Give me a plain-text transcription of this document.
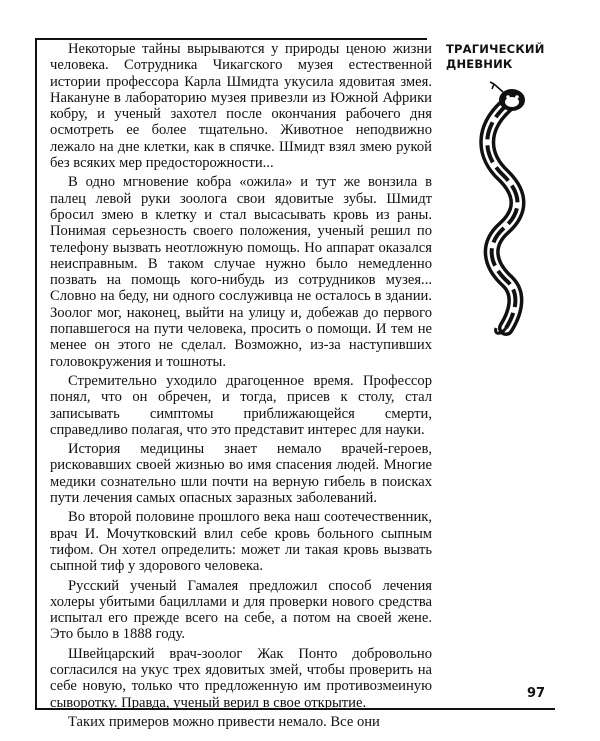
Некоторые тайны вырываются у природы ценою жизни человека. Сотрудника Чикагского музея естественной истории профессора Карла Шмидта укусила ядовитая змея. Накануне в лабораторию музея привезли из Южной Африки кобру, и ученый захотел после окончания рабочего дня осмотреть ее более тщательно. Животное неподвижно лежало на дне клетки, как в спячке. Шмидт взял змею рукой без всяких мер предосторожности...

В одно мгновение кобра «ожила» и тут же вонзила в палец левой руки зоолога свои ядовитые зубы. Шмидт бросил змею в клетку и стал высасывать кровь из раны. Понимая серьезность своего положения, ученый решил по телефону вызвать неотложную помощь. Но аппарат оказался неисправным. В таком случае нужно было немедленно позвать на помощь кого-нибудь из сотрудников музея... Словно на беду, ни одного сослуживца не осталось в здании. Зоолог мог, наконец, выйти на улицу и, добежав до первого попавшегося на пути человека, просить о помощи. И тем не менее он этого не сделал. Возможно, из-за наступивших головокружения и тошноты.

Стремительно уходило драгоценное время. Профессор понял, что он обречен, и тогда, присев к столу, стал записывать симптомы приближающейся смерти, справедливо полагая, что это представит интерес для науки.

История медицины знает немало врачей-героев, рисковавших своей жизнью во имя спасения людей. Многие медики сознательно шли почти на верную гибель в поисках пути лечения самых опасных заразных заболеваний.

Во второй половине прошлого века наш соотечественник, врач И. Мочутковский влил себе кровь больного сыпным тифом. Он хотел определить: может ли такая кровь вызвать сыпной тиф у здорового человека.

Русский ученый Гамалея предложил способ лечения холеры убитыми бациллами и для проверки нового средства испытал его прежде всего на себе, а потом на своей жене. Это было в 1888 году.

Швейцарский врач-зоолог Жак Понто добровольно согласился на укус трех ядовитых змей, чтобы проверить на себе новую, только что предложенную им противозмеиную сыворотку. Правда, ученый верил в свое открытие.

Таких примеров можно привести немало. Все они

ТРАГИЧЕСКИЙ ДНЕВНИК
97
